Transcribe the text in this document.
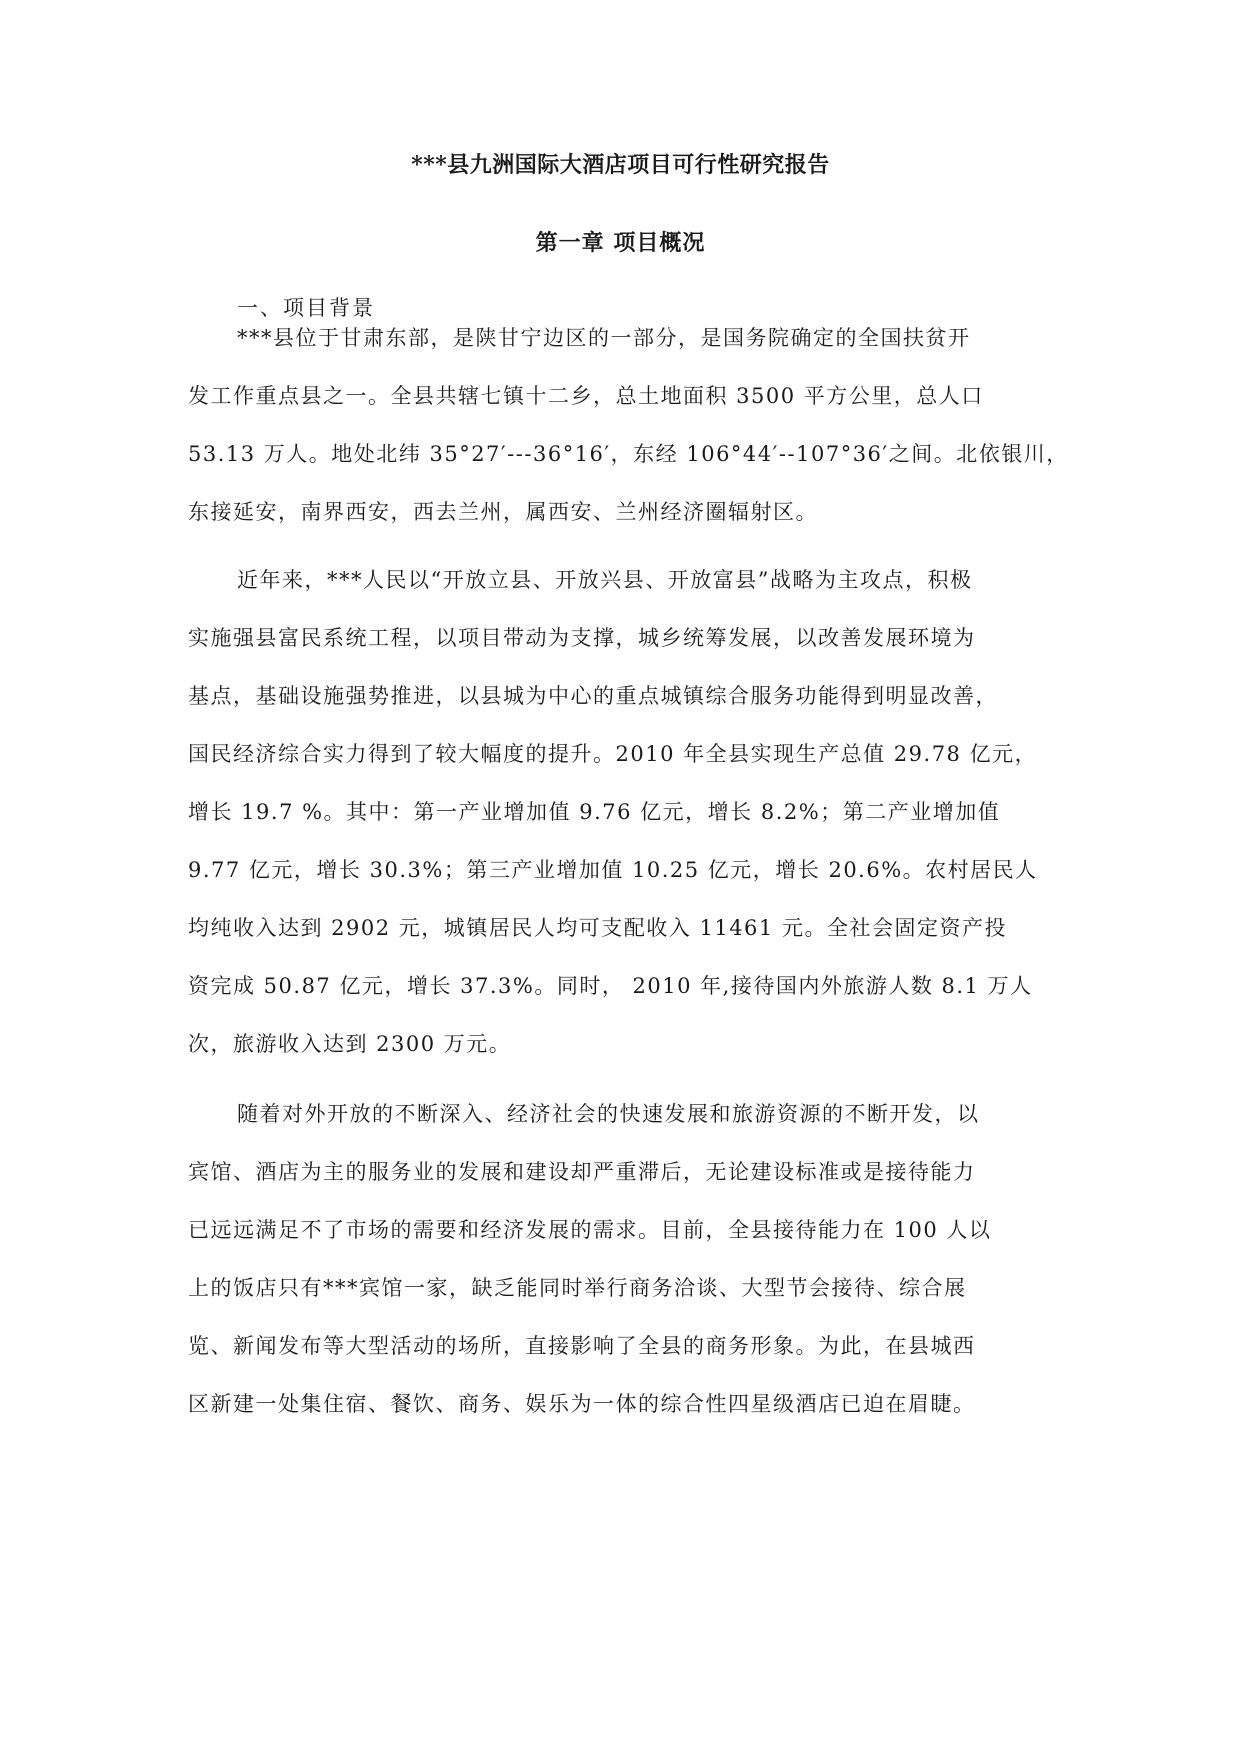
***县九洲国际大酒店项目可行性研究报告
第一章 项目概况
一、项目背景
***县位于甘肃东部，是陕甘宁边区的一部分，是国务院确定的全国扶贫开
发工作重点县之一。全县共辖七镇十二乡，总土地面积 3500 平方公里，总人口
53.13 万人。地处北纬 35°27′---36°16′，东经 106°44′--107°36′之间。北依银川，
东接延安，南界西安，西去兰州，属西安、兰州经济圈辐射区。
近年来，***人民以“开放立县、开放兴县、开放富县”战略为主攻点，积极
实施强县富民系统工程，以项目带动为支撑，城乡统筹发展，以改善发展环境为
基点，基础设施强势推进，以县城为中心的重点城镇综合服务功能得到明显改善，
国民经济综合实力得到了较大幅度的提升。2010 年全县实现生产总值 29.78 亿元，
增长 19.7 %。其中：第一产业增加值 9.76 亿元，增长 8.2%；第二产业增加值
9.77 亿元，增长 30.3%；第三产业增加值 10.25 亿元，增长 20.6%。农村居民人
均纯收入达到 2902 元，城镇居民人均可支配收入 11461 元。全社会固定资产投
资完成 50.87 亿元，增长 37.3%。同时， 2010 年,接待国内外旅游人数 8.1 万人
次，旅游收入达到 2300 万元。
随着对外开放的不断深入、经济社会的快速发展和旅游资源的不断开发，以
宾馆、酒店为主的服务业的发展和建设却严重滞后，无论建设标准或是接待能力
已远远满足不了市场的需要和经济发展的需求。目前，全县接待能力在 100 人以
上的饭店只有***宾馆一家，缺乏能同时举行商务洽谈、大型节会接待、综合展
览、新闻发布等大型活动的场所，直接影响了全县的商务形象。为此，在县城西
区新建一处集住宿、餐饮、商务、娱乐为一体的综合性四星级酒店已迫在眉睫。
